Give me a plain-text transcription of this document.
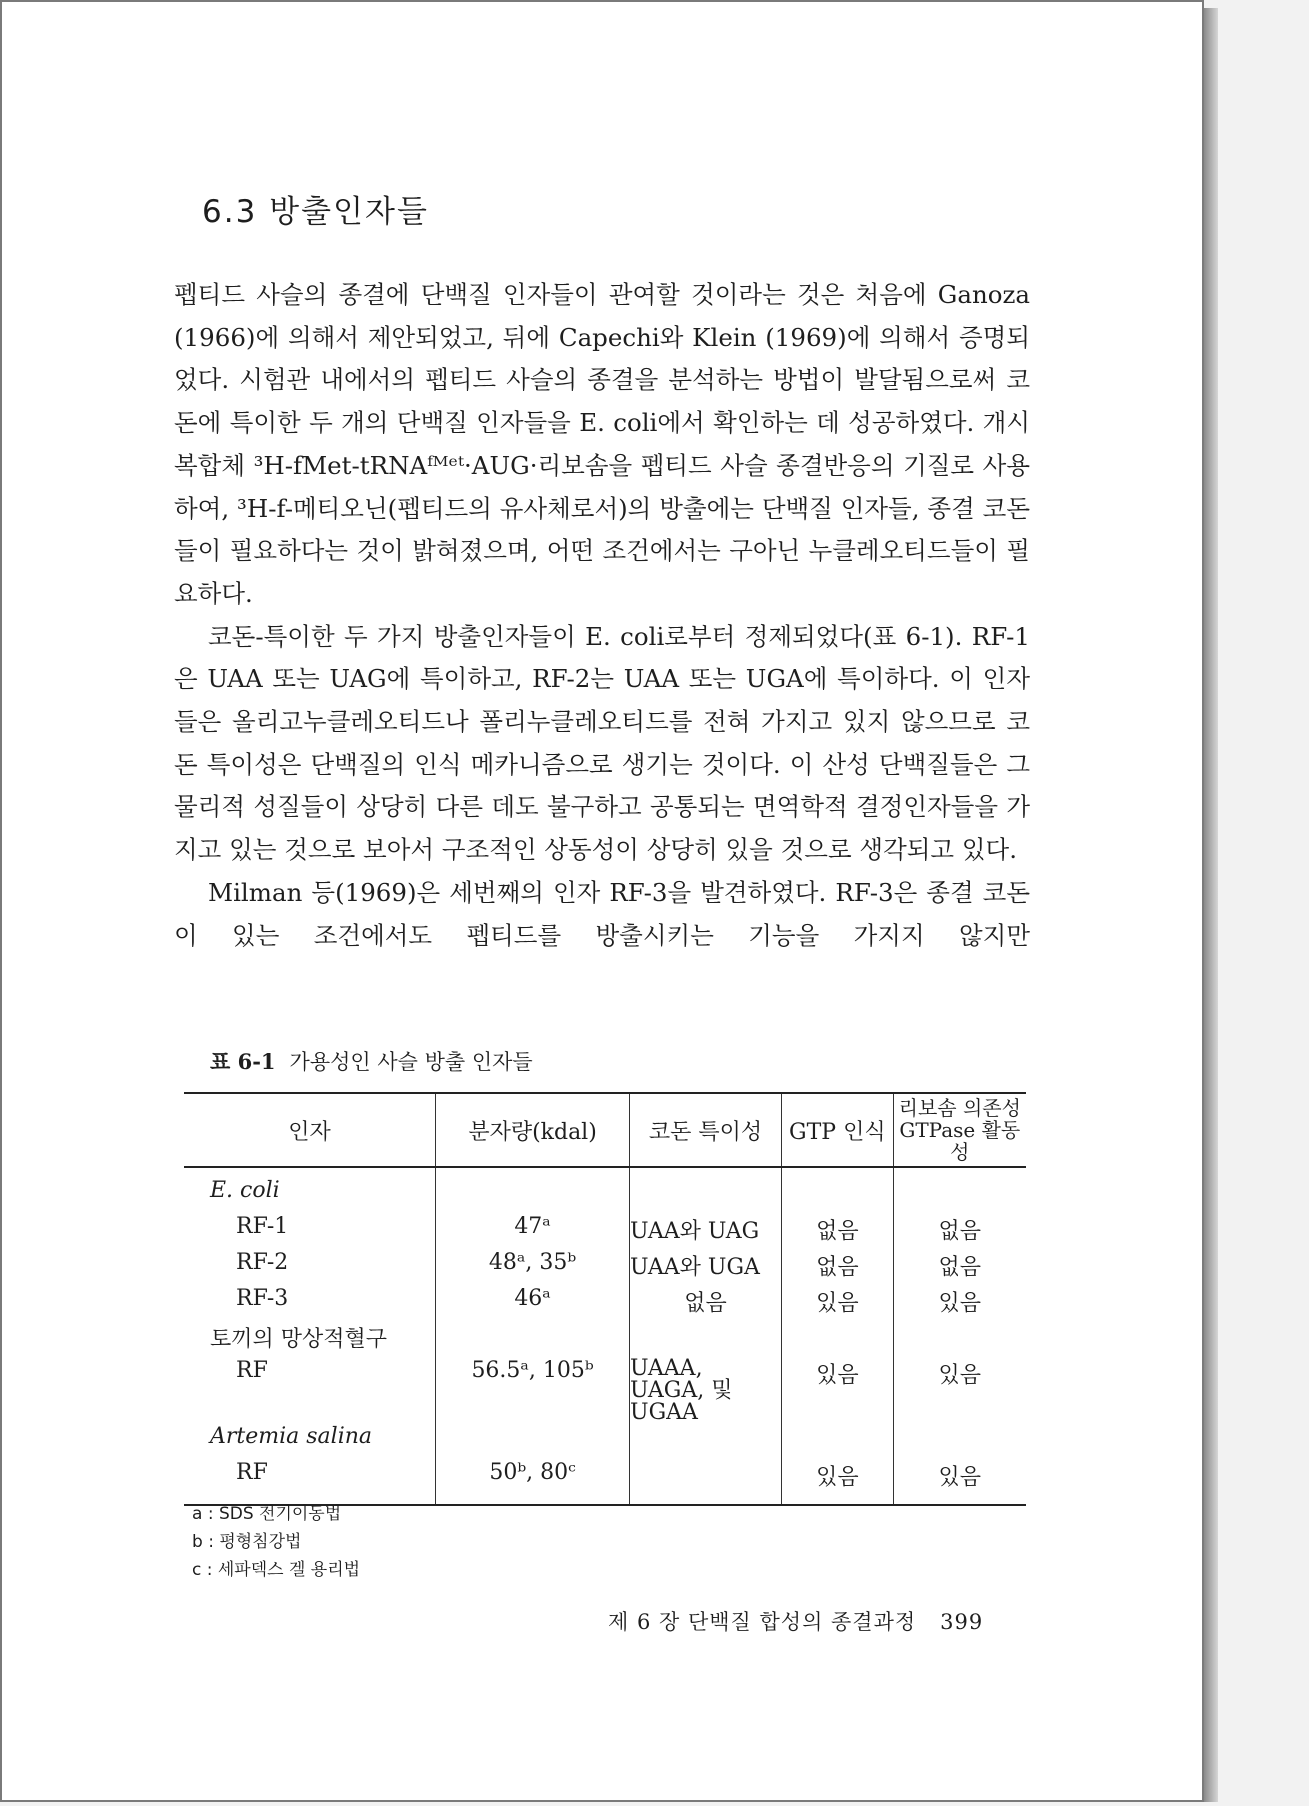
6.3 방출인자들

펩티드 사슬의 종결에 단백질 인자들이 관여할 것이라는 것은 처음에 Ganoza (1966)에 의해서 제안되었고, 뒤에 Capechi와 Klein (1969)에 의해서 증명되었다. 시험관 내에서의 펩티드 사슬의 종결을 분석하는 방법이 발달됨으로써 코돈에 특이한 두 개의 단백질 인자들을 E. coli에서 확인하는 데 성공하였다. 개시복합체 ³H-fMet-tRNAᶠᴹᵉᵗ·AUG·리보솜을 펩티드 사슬 종결반응의 기질로 사용하여, ³H-f-메티오닌(펩티드의 유사체로서)의 방출에는 단백질 인자들, 종결 코돈들이 필요하다는 것이 밝혀졌으며, 어떤 조건에서는 구아닌 누클레오티드들이 필요하다.

코돈-특이한 두 가지 방출인자들이 E. coli로부터 정제되었다(표 6-1). RF-1은 UAA 또는 UAG에 특이하고, RF-2는 UAA 또는 UGA에 특이하다. 이 인자들은 올리고누클레오티드나 폴리누클레오티드를 전혀 가지고 있지 않으므로 코돈 특이성은 단백질의 인식 메카니즘으로 생기는 것이다. 이 산성 단백질들은 그 물리적 성질들이 상당히 다른 데도 불구하고 공통되는 면역학적 결정인자들을 가지고 있는 것으로 보아서 구조적인 상동성이 상당히 있을 것으로 생각되고 있다.

Milman 등(1969)은 세번째의 인자 RF-3을 발견하였다. RF-3은 종결 코돈이 있는 조건에서도 펩티드를 방출시키는 기능을 가지지 않지만

표 6-1 가용성인 사슬 방출 인자들
인자	분자량(kdal)	코돈 특이성	GTP 인식	리보솜 의존성 GTPase 활동성
E. coli				
RF-1	47ᵃ	UAA와 UAG	없음	없음
RF-2	48ᵃ, 35ᵇ	UAA와 UGA	없음	없음
RF-3	46ᵃ	없음	있음	있음
토끼의 망상적혈구				
RF	56.5ᵃ, 105ᵇ	UAAA, UAGA, 및 UGAA	있음	있음
Artemia salina				
RF	50ᵇ, 80ᶜ		있음	있음
a : SDS 전기이동법
b : 평형침강법
c : 세파덱스 겔 용리법
제 6 장 단백질 합성의 종결과정 399
